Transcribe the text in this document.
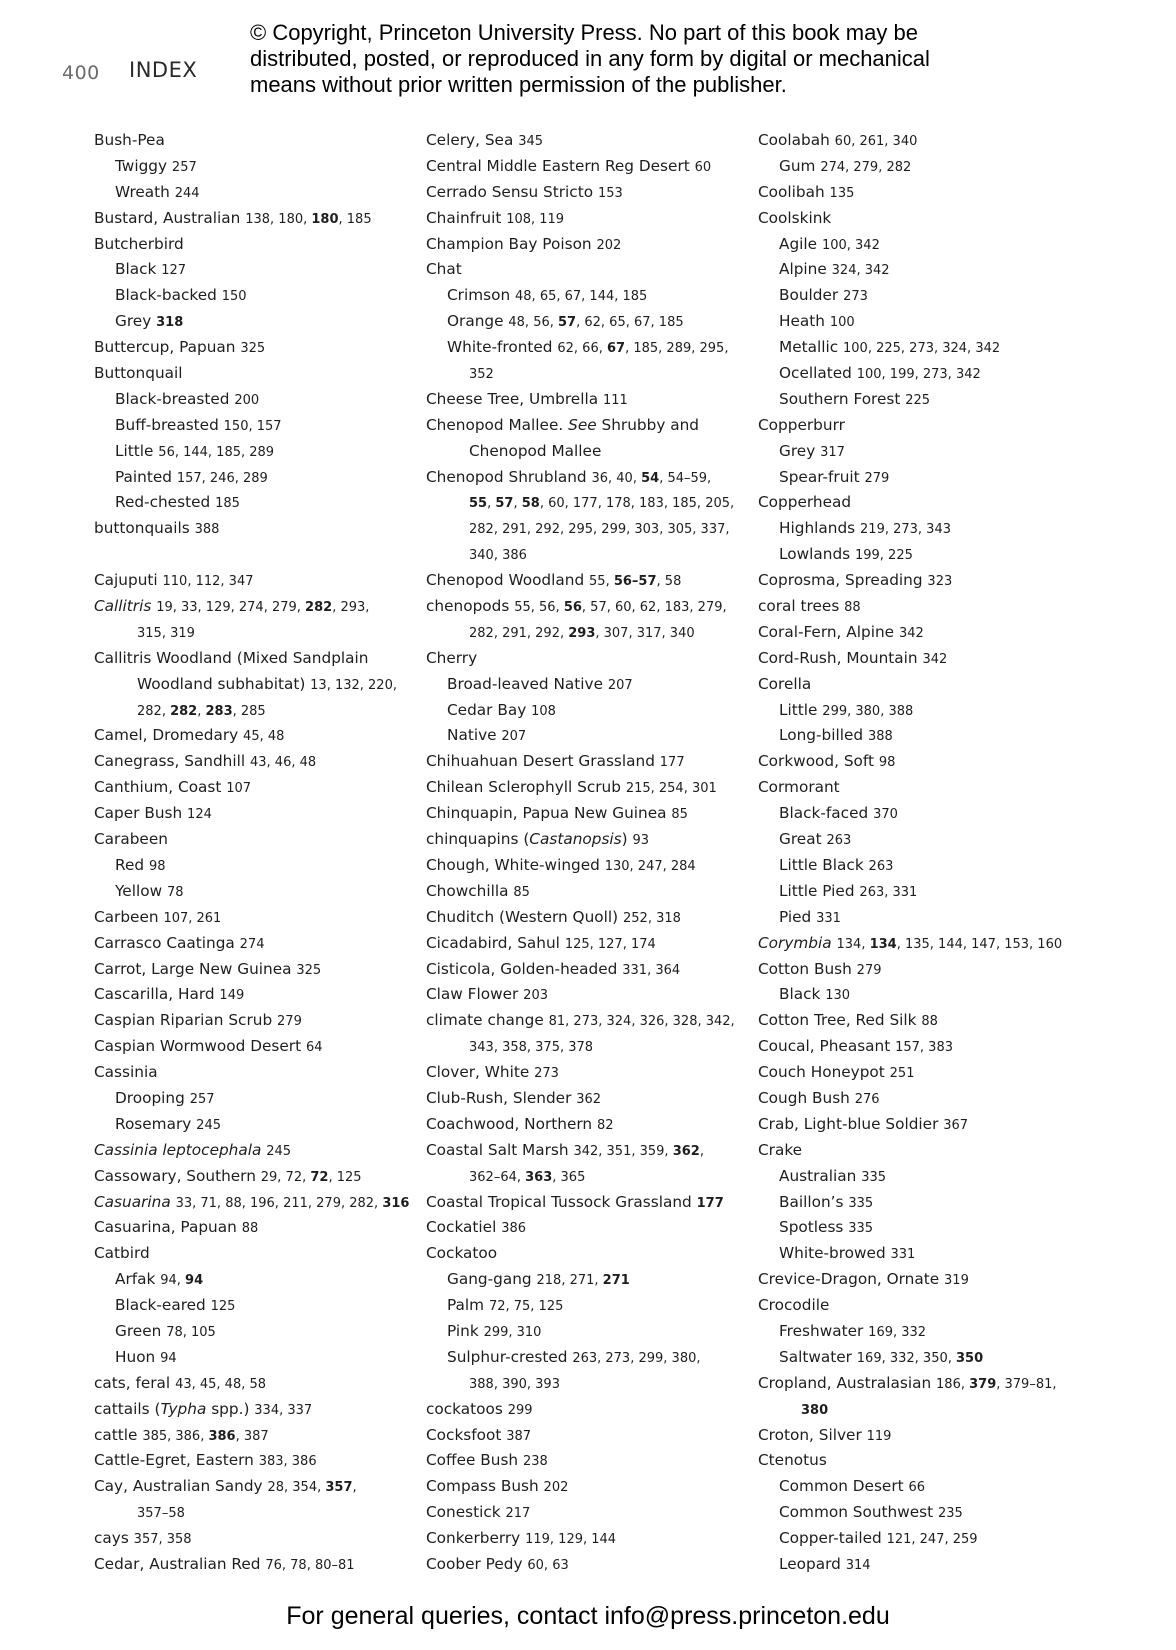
400 INDEX
© Copyright, Princeton University Press. No part of this book may be
distributed, posted, or reproduced in any form by digital or mechanical
means without prior written permission of the publisher.
Bush-Pea
Twiggy 257
Wreath 244
Bustard, Australian 138, 180, 180, 185
Butcherbird
Black 127
Black-backed 150
Grey 318
Buttercup, Papuan 325
Buttonquail
Black-breasted 200
Buff-breasted 150, 157
Little 56, 144, 185, 289
Painted 157, 246, 289
Red-chested 185
buttonquails 388

Cajuputi 110, 112, 347
Callitris 19, 33, 129, 274, 279, 282, 293,
315, 319
Callitris Woodland (Mixed Sandplain
Woodland subhabitat) 13, 132, 220,
282, 282, 283, 285
Camel, Dromedary 45, 48
Canegrass, Sandhill 43, 46, 48
Canthium, Coast 107
Caper Bush 124
Carabeen
Red 98
Yellow 78
Carbeen 107, 261
Carrasco Caatinga 274
Carrot, Large New Guinea 325
Cascarilla, Hard 149
Caspian Riparian Scrub 279
Caspian Wormwood Desert 64
Cassinia
Drooping 257
Rosemary 245
Cassinia leptocephala 245
Cassowary, Southern 29, 72, 72, 125
Casuarina 33, 71, 88, 196, 211, 279, 282, 316
Casuarina, Papuan 88
Catbird
Arfak 94, 94
Black-eared 125
Green 78, 105
Huon 94
cats, feral 43, 45, 48, 58
cattails (Typha spp.) 334, 337
cattle 385, 386, 386, 387
Cattle-Egret, Eastern 383, 386
Cay, Australian Sandy 28, 354, 357,
357–58
cays 357, 358
Cedar, Australian Red 76, 78, 80–81
Celery, Sea 345
Central Middle Eastern Reg Desert 60
Cerrado Sensu Stricto 153
Chainfruit 108, 119
Champion Bay Poison 202
Chat
Crimson 48, 65, 67, 144, 185
Orange 48, 56, 57, 62, 65, 67, 185
White-fronted 62, 66, 67, 185, 289, 295,
352
Cheese Tree, Umbrella 111
Chenopod Mallee. See Shrubby and
Chenopod Mallee
Chenopod Shrubland 36, 40, 54, 54–59,
55, 57, 58, 60, 177, 178, 183, 185, 205,
282, 291, 292, 295, 299, 303, 305, 337,
340, 386
Chenopod Woodland 55, 56–57, 58
chenopods 55, 56, 56, 57, 60, 62, 183, 279,
282, 291, 292, 293, 307, 317, 340
Cherry
Broad-leaved Native 207
Cedar Bay 108
Native 207
Chihuahuan Desert Grassland 177
Chilean Sclerophyll Scrub 215, 254, 301
Chinquapin, Papua New Guinea 85
chinquapins (Castanopsis) 93
Chough, White-winged 130, 247, 284
Chowchilla 85
Chuditch (Western Quoll) 252, 318
Cicadabird, Sahul 125, 127, 174
Cisticola, Golden-headed 331, 364
Claw Flower 203
climate change 81, 273, 324, 326, 328, 342,
343, 358, 375, 378
Clover, White 273
Club-Rush, Slender 362
Coachwood, Northern 82
Coastal Salt Marsh 342, 351, 359, 362,
362–64, 363, 365
Coastal Tropical Tussock Grassland 177
Cockatiel 386
Cockatoo
Gang-gang 218, 271, 271
Palm 72, 75, 125
Pink 299, 310
Sulphur-crested 263, 273, 299, 380,
388, 390, 393
cockatoos 299
Cocksfoot 387
Coffee Bush 238
Compass Bush 202
Conestick 217
Conkerberry 119, 129, 144
Coober Pedy 60, 63
Coolabah 60, 261, 340
Gum 274, 279, 282
Coolibah 135
Coolskink
Agile 100, 342
Alpine 324, 342
Boulder 273
Heath 100
Metallic 100, 225, 273, 324, 342
Ocellated 100, 199, 273, 342
Southern Forest 225
Copperburr
Grey 317
Spear-fruit 279
Copperhead
Highlands 219, 273, 343
Lowlands 199, 225
Coprosma, Spreading 323
coral trees 88
Coral-Fern, Alpine 342
Cord-Rush, Mountain 342
Corella
Little 299, 380, 388
Long-billed 388
Corkwood, Soft 98
Cormorant
Black-faced 370
Great 263
Little Black 263
Little Pied 263, 331
Pied 331
Corymbia 134, 134, 135, 144, 147, 153, 160
Cotton Bush 279
Black 130
Cotton Tree, Red Silk 88
Coucal, Pheasant 157, 383
Couch Honeypot 251
Cough Bush 276
Crab, Light-blue Soldier 367
Crake
Australian 335
Baillon’s 335
Spotless 335
White-browed 331
Crevice-Dragon, Ornate 319
Crocodile
Freshwater 169, 332
Saltwater 169, 332, 350, 350
Cropland, Australasian 186, 379, 379–81,
380
Croton, Silver 119
Ctenotus
Common Desert 66
Common Southwest 235
Copper-tailed 121, 247, 259
Leopard 314
For general queries, contact info@press.princeton.edu
